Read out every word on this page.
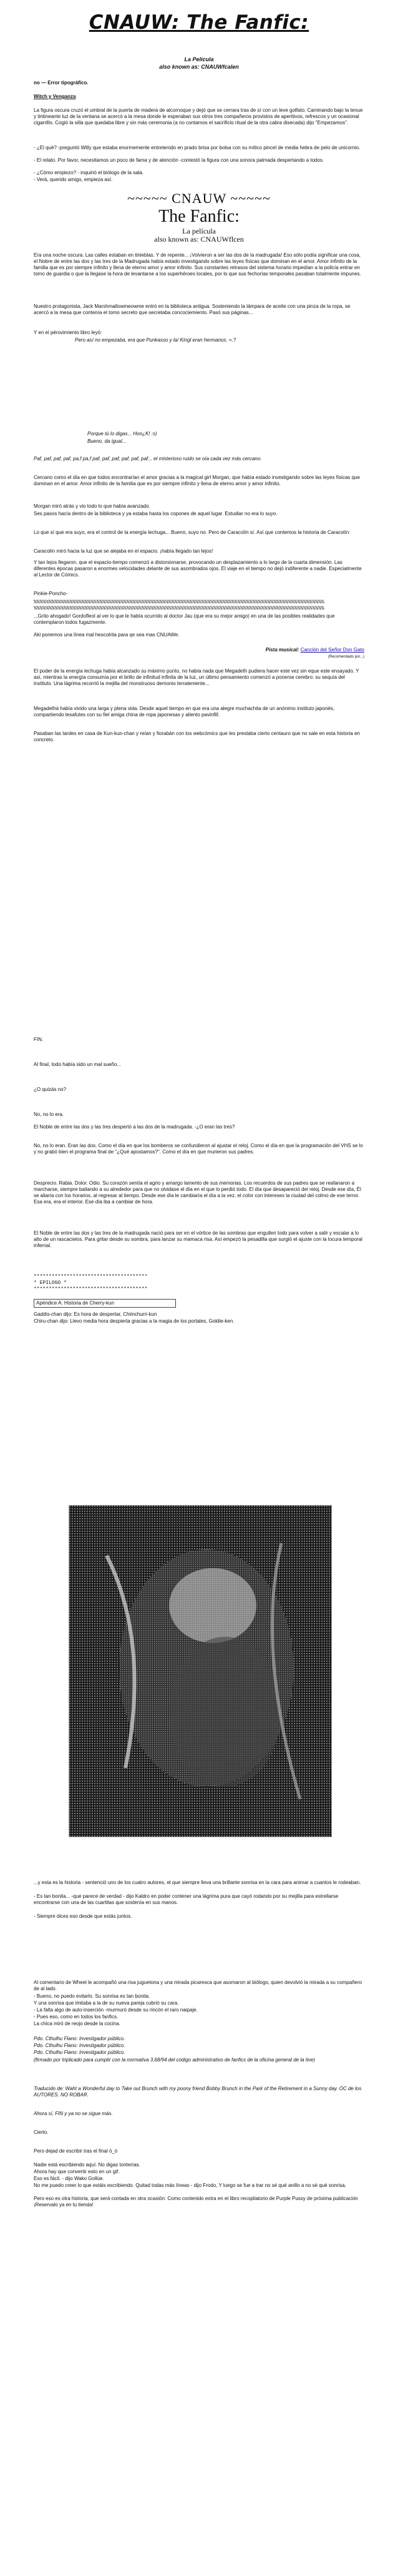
CNAUW: The Fanfic:
La Película
also known as: CNAUWfcalen

no — Error tipográfico.

Witch y Venganza

La figura oscura cruzó el umbral de la puerta de madera de alcornoque y dejó que se cerrara tras de sí con un leve golfato. Caminando bajo la tenue y tintineante luz de la ventana se acercó a la mesa donde le esperaban sus otros tres compañeros provistos de aperitivos, refrescos y un ocasional cigarrillo. Cogió la silla que quedaba libre y sin más ceremonia (a no contamos el sacrificio ritual de la otra cabra disecada) dijo "Empezamos".

- ¿El qué? -preguntó Willy que estaba enormemente entretenido en prado brisa por bolsa con su mítico pincel de media hebra de pelo de unicornio.

- El relato. Por favor, necesitamos un poco de fama y de atención -contestó la figura con una sonora palmada despertando a todos.

- ¿Cómo empiezo? - inquirió el biólogo de la sala.

- Verá, querido amigo, empieza así.

~~~~~ CNAUW ~~~~~
The Fanfic:
La película
also known as: CNAUWflcen

Era una noche oscura. Las calles estaban en tinieblas. Y de repente... ¡Volvieron a ser las dos de la madrugada! Eso sólo podía significar una cosa, el Nobre de entre las dos y las tres de la Madrugada había estado investigando sobre las leyes físicas que dominan en el amor. Amor infinito de la familia que es por siempre infinito y llena de eterno amor y amor infinito. Sus constantes retrasos del sistema horario impedían a la policía entrar en tomo de guardia o que la llegase la hora de levantarse a los superhéroes locales, por lo que sus fechorías temporales pasaban totalmente impunes.

Nuestro protagonista, Jack Marshmallowmeowme entró en la biblioteca antigua. Sosteniendo la lámpara de aceite con una pinza de la ropa, se acercó a la mesa que contenía el tomo secreto que secretaba concociemiento. Pasó sus páginas...

Y en el pérovimiento libro leyó:

Pero así no empezaba, era que Punkasso y la/ Kingl eran hermanos. =.?

Porque tú lo digas... Hon¿K! :s)

Bueno, da igual...

Paf, paf, paf, paf, pa,f pa,f paf, paf, paf, paf, paf, paf... el misterioso ruido se oía cada vez más cercano.

Cercano como el día en que todos encontrarían el amor gracias a la magical girl Morgan, que había estado investigando sobre las leyes físicas que dominan en el amor. Amor infinito de la familia que es por siempre infinito y llena de eterno amor y amor infinito.

Morgan miró atrás y vio todo lo que había avanzado.

Ses pasos hacía dentro de la biblioteca y ya estaba hasta los copones de aquel lugar. Estudiar no era lo suyo.

Lo que sí que era suyo, era el control de la energía lechuga... Bueno, suyo no. Pero de Caracolín sí. Así que contemos la historia de Caracolín:

Caracolín miró hacia la luz que se alejaba en el espacio. ¡había llegado tan lejos!

Y tan lejos llegaron, que el espacio-tiempo comenzó a distorsionarse, provocando un desplazamiento a lo largo de la cuarta dimensión. Las diferentes épocas pasaron a enormes velocidades delante de sus asombrados ojos. El viaje en el tiempo no dejó indiferente a nadie. Especialmente al Lector de Cómics.

Pinkie-Poncho-

%%%%%%%%%%%%%%%%%%%%%%%%%%%%%%%%%%%%%%%%%%%%%%%%%%%%%%%%%%%%%%%%%%%%%%%%%%%%%%%%%%%%%%%%%%%%%%%%%
%%%%%%%%%%%%%%%%%%%%%%%%%%%%%%%%%%%%%%%%%%%%%%%%%%%%%%%%%%%%%%%%%%%%%%%%%%%%%%%%%%%%%%%%%%%%%%%%%

...Grito ahogado! Gordofleol al ver lo que le había ocurrido al doctor Jau (que era su mejor amigo) en una de las posibles realidades que contemplaron todos fugazmente.

Aki ponemos una línea mal hescolrita para qe sea mas CNUAWe.

Pista musical: Canción del Señor Don Gato
(Recomendado por...)

El poder de la energía lechuga había alcanzado su máximo punto, no había nada que Megadeth pudiera hacer este vez sin eque este ensayado. Y así, mientras la energía consumía por el brillo de infinitud infinita de la luz, un último pensamiento comenzó a ponerse cerebro: su sequía del instituto. Una lágrima recorrió la mejilla del monstruoso demonio terrateniente...

Megadethá había vivido una larga y plena vida. Desde aquel tiempo en que era una alegre muchachita de un anónimo instituto japonés, compartiendo tesafutes con su fiel amiga china de ropa japonesas y aliento pavinfill.

Pasaban las tardes en casa de Kun-kun-chan y reían y fiorabán con los webcómics que les prestaba cierto centauro que no sale en esta historia en concreto.

FIN.

Al final, todo había sido un mal sueño...

¿O quizás no?

No, no lo era.

El Noble de entre las dos y las tres despertó a las dos de la madrugada. -¿O eran las tres?

No, no lo eran. Eran las dos. Como el día en que los bomberos se confundieron al ajustar el reloj. Como el día en que la programación del VHS se lo y no grabó bien el programa final de "¿Qué apostamos?". Como el día en que murieron sus padres.

Desprecio. Rabia. Dolor. Odio. Su corazón sentía el agrio y amargo lamento de sus memorias. Los recuerdos de sus padres que se reafanaron a marcharse, siempre bailando a su alrededor para que no olvidase el día en el que lo perdió todo. El día que desapareció del reloj. Desde ese día, Él se aliaría con los horarios, al regresar al tiempo. Desde ese día le cambiaría el día a la vez, el color con intereses la ciudad del colmo de ese terror. Esa era, era el interior. Ese día iba a cambiar de hora.

El Noble de entre las dos y las tres de la madrugada nació para ser en el vórtice de las sombras que engullen todo para volver a salir y escalar a lo alto de un rascacielos. Para gritar desde su sombra, para lanzar su mamaca risa. Así empezó la pesadilla que surgió el ajuste con la locura temporal infernal.

**************************************
* EPILOGO *
**************************************
Apéndice A: Historia de Cherry-kun

Gaddis-chan dijo: Es hora de despertar, Chimchurri-kun

Chiru-chan dijo: Llevo media hora despierta gracias a la magia de los portales, Goldie-ken.

...y esta es la historia - sentenció uno de los cuatro autores, el que siempre lleva una brillante sonrisa en la cara para animar a cuantos le rodeaban.

- Es tan bonita... -que parece de verdad - dijo Kaldro en poder contener una lágrima pura que cayó rodando por su mejilla para estrellarse encontrarse con una de las cuartitas que sostenía en sus manos.

- Siempre dices eso desde que estás juntos.

Al comentario de Wheel le acompañó una risa juguetona y una mirada picaresca que asomaron al biólogo, quien devolvió la mirada a su compañero de al lado.

- Bueno, no puedo evitarlo. Su sonrisa es tan bonita.

Y una sonrisa que imitaba a la de su nueva pareja cubrió su cara.

- La falta algo de auto-inserción -murmuró desde su rincón el raro naipaje.

- Pues eso, como en todos los fanfics.

La chica miró de reojo desde la cocina.

Pdo. Cthulhu Flano: Investigador público.

Pdo. Cthulhu Flano: Investigador público.

Pdo. Cthulhu Flano: Investigador público.

(firmado por triplicado para cumplir con la normativa 3.68/94 del código administrativo de fanfics de la oficina general de la tive)

Traducido de: Waht a Wonderful day to Take out Brunch with my poony friend Bobby Brunch in the Park of the Retirement in a Sunny day. OC de los AUTORES. NO ROBAR.

Ahora sí, FIN y ya no se sigue más.

Cierto.

Pero dejad de escribir tras el final ò_ò

Nadie está escribiendo aquí. No digas tonterías.

Ahora hay que convertir esto en un gif.

Eso es fácil. - dijo Wako Gollúe.

No me puedo creer lo que estáis escribiendo. Quitad todas más líneas - dijo Frodo, Y luego se fue a trar no sé qué anillo a no sé qué sonrisa.

Pero eso es otra historia, que será contada en otra ocasión: Como contenido extra en el libro recopilatorio de Purple Pussy de próxima publicación ¡Reservalo ya en tu tienda!
